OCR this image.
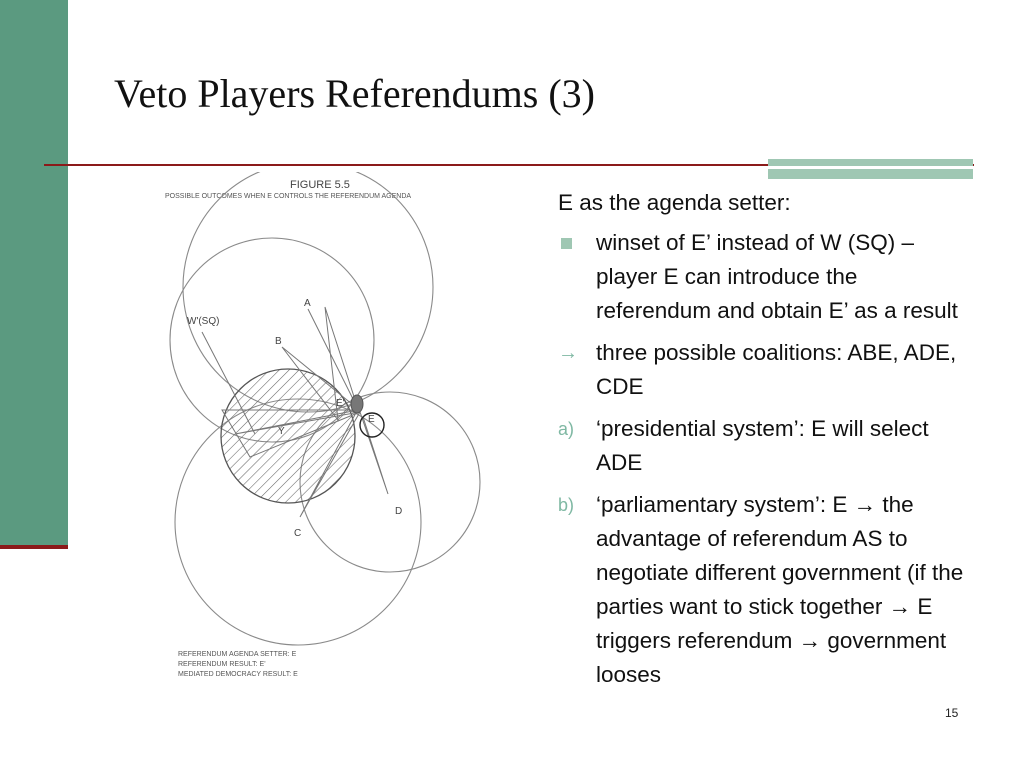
Veto Players Referendums (3)
FIGURE 5.5
POSSIBLE OUTCOMES WHEN E CONTROLS THE REFERENDUM AGENDA
A
B
C
D
E
E'
Y
W'(SQ)
REFERENDUM AGENDA SETTER: E
REFERENDUM RESULT: E'
MEDIATED DEMOCRACY RESULT: E

E as the agenda setter:

winset of E’ instead of W (SQ) – player E can introduce the referendum and obtain E’ as a result
→ three possible coalitions: ABE, ADE, CDE
a) ‘presidential system’: E will select ADE
b) ‘parliamentary system’: E → the advantage of referendum AS to negotiate different government (if the parties want to stick together → E triggers referendum → government looses
15
